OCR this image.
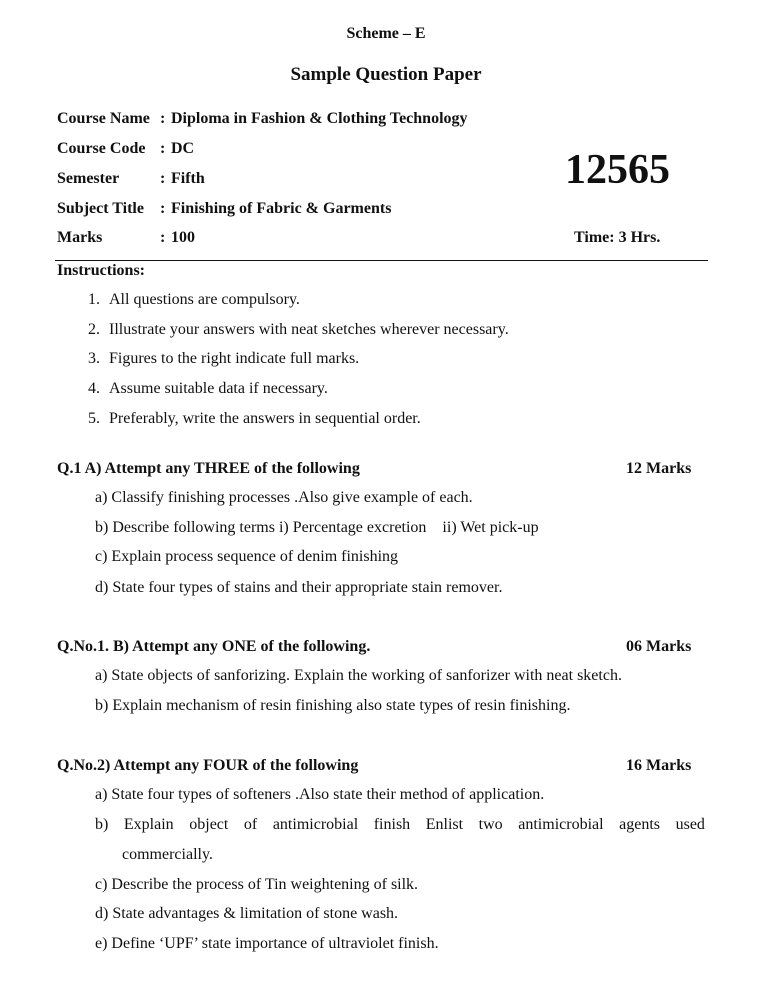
Scheme – E
Sample Question Paper
Course Name : Diploma in Fashion & Clothing Technology
Course Code : DC
Semester	: Fifth
Subject Title	: Finishing of Fabric & Garments
Marks	: 100
12565
Time: 3 Hrs.
Instructions:
1. All questions are compulsory.
2. Illustrate your answers with neat sketches wherever necessary.
3. Figures to the right indicate full marks.
4. Assume suitable data if necessary.
5. Preferably, write the answers in sequential order.
Q.1 A) Attempt any THREE of the following	12 Marks
a) Classify finishing processes .Also give example of each.
b) Describe following terms i) Percentage excretion    ii) Wet pick-up
c) Explain process sequence of denim finishing
d) State four types of stains and their appropriate stain remover.
Q.No.1. B) Attempt any ONE of the following.	06 Marks
a) State objects of sanforizing. Explain the working of sanforizer with neat sketch.
b) Explain mechanism of resin finishing also state types of resin finishing.
Q.No.2) Attempt any FOUR of the following	16 Marks
a) State four types of softeners .Also state their method of application.
b) Explain object of antimicrobial finish Enlist two antimicrobial agents used
commercially.
c) Describe the process of Tin weightening of silk.
d) State advantages & limitation of stone wash.
e) Define ‘UPF’ state importance of ultraviolet finish.
